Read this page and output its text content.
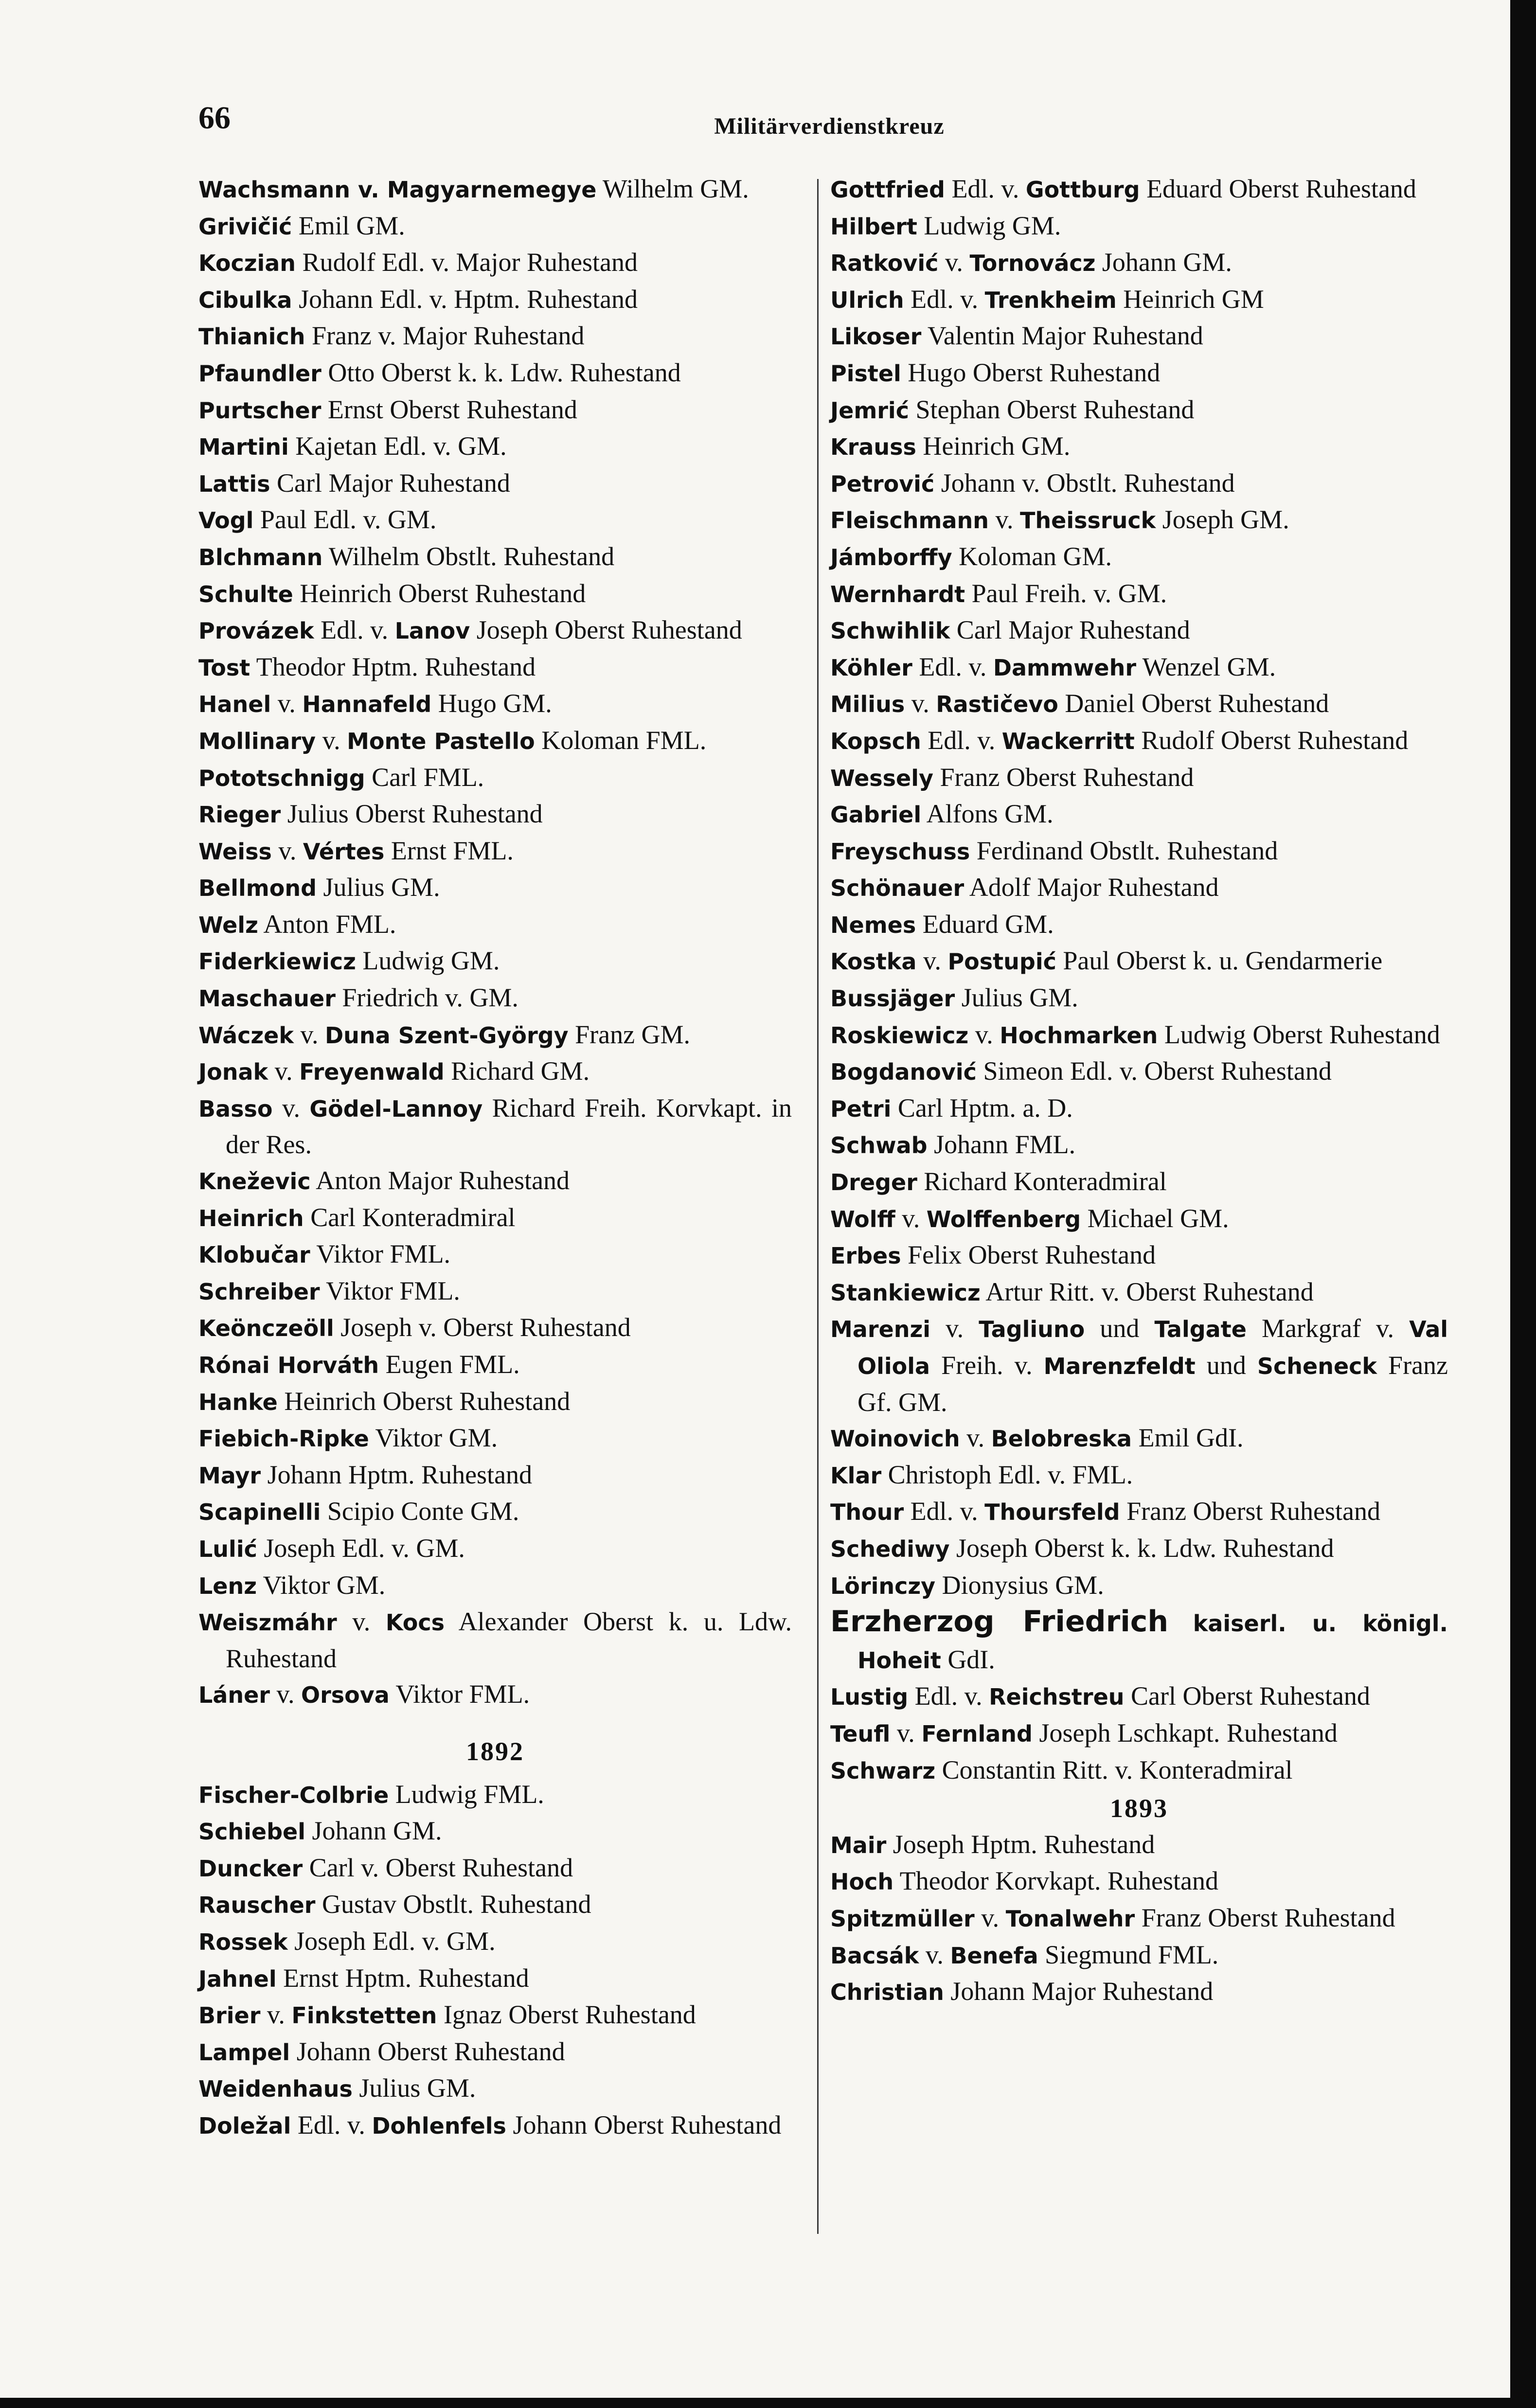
66	Militärverdienstkreuz
Wachsmann v. Magyarnemegye Wilhelm GM.
Grivičić Emil GM.
Koczian Rudolf Edl. v. Major Ruhestand
Cibulka Johann Edl. v. Hptm. Ruhestand
Thianich Franz v. Major Ruhestand
Pfaundler Otto Oberst k. k. Ldw. Ruhestand
Purtscher Ernst Oberst Ruhestand
Martini Kajetan Edl. v. GM.
Lattis Carl Major Ruhestand
Vogl Paul Edl. v. GM.
Blchmann Wilhelm Obstlt. Ruhestand
Schulte Heinrich Oberst Ruhestand
Provázek Edl. v. Lanov Joseph Oberst Ruhestand
Tost Theodor Hptm. Ruhestand
Hanel v. Hannafeld Hugo GM.
Mollinary v. Monte Pastello Koloman FML.
Pototschnigg Carl FML.
Rieger Julius Oberst Ruhestand
Weiss v. Vértes Ernst FML.
Bellmond Julius GM.
Welz Anton FML.
Fiderkiewicz Ludwig GM.
Maschauer Friedrich v. GM.
Wáczek v. Duna Szent-György Franz GM.
Jonak v. Freyenwald Richard GM.
Basso v. Gödel-Lannoy Richard Freih. Korvkapt. in der Res.
Kneževic Anton Major Ruhestand
Heinrich Carl Konteradmiral
Klobučar Viktor FML.
Schreiber Viktor FML.
Keönczeöll Joseph v. Oberst Ruhestand
Rónai Horváth Eugen FML.
Hanke Heinrich Oberst Ruhestand
Fiebich-Ripke Viktor GM.
Mayr Johann Hptm. Ruhestand
Scapinelli Scipio Conte GM.
Lulić Joseph Edl. v. GM.
Lenz Viktor GM.
Weiszmáhr v. Kocs Alexander Oberst k. u. Ldw. Ruhestand
Láner v. Orsova Viktor FML.
1892
Fischer-Colbrie Ludwig FML.
Schiebel Johann GM.
Duncker Carl v. Oberst Ruhestand
Rauscher Gustav Obstlt. Ruhestand
Rossek Joseph Edl. v. GM.
Jahnel Ernst Hptm. Ruhestand
Brier v. Finkstetten Ignaz Oberst Ruhestand
Lampel Johann Oberst Ruhestand
Weidenhaus Julius GM.
Doležal Edl. v. Dohlenfels Johann Oberst Ruhestand
Gottfried Edl. v. Gottburg Eduard Oberst Ruhestand
Hilbert Ludwig GM.
Ratković v. Tornovácz Johann GM.
Ulrich Edl. v. Trenkheim Heinrich GM
Likoser Valentin Major Ruhestand
Pistel Hugo Oberst Ruhestand
Jemrić Stephan Oberst Ruhestand
Krauss Heinrich GM.
Petrović Johann v. Obstlt. Ruhestand
Fleischmann v. Theissruck Joseph GM.
Jámborffy Koloman GM.
Wernhardt Paul Freih. v. GM.
Schwihlik Carl Major Ruhestand
Köhler Edl. v. Dammwehr Wenzel GM.
Milius v. Rastičevo Daniel Oberst Ruhestand
Kopsch Edl. v. Wackerritt Rudolf Oberst Ruhestand
Wessely Franz Oberst Ruhestand
Gabriel Alfons GM.
Freyschuss Ferdinand Obstlt. Ruhestand
Schönauer Adolf Major Ruhestand
Nemes Eduard GM.
Kostka v. Postupić Paul Oberst k. u. Gendarmerie
Bussjäger Julius GM.
Roskiewicz v. Hochmarken Ludwig Oberst Ruhestand
Bogdanović Simeon Edl. v. Oberst Ruhestand
Petri Carl Hptm. a. D.
Schwab Johann FML.
Dreger Richard Konteradmiral
Wolff v. Wolffenberg Michael GM.
Erbes Felix Oberst Ruhestand
Stankiewicz Artur Ritt. v. Oberst Ruhestand
Marenzi v. Tagliuno und Talgate Markgraf v. Val Oliola Freih. v. Marenzfeldt und Scheneck Franz Gf. GM.
Woinovich v. Belobreska Emil GdI.
Klar Christoph Edl. v. FML.
Thour Edl. v. Thoursfeld Franz Oberst Ruhestand
Schediwy Joseph Oberst k. k. Ldw. Ruhestand
Lörinczy Dionysius GM.
Erzherzog Friedrich kaiserl. u. königl. Hoheit GdI.
Lustig Edl. v. Reichstreu Carl Oberst Ruhestand
Teufl v. Fernland Joseph Lschkapt. Ruhestand
Schwarz Constantin Ritt. v. Konteradmiral
1893
Mair Joseph Hptm. Ruhestand
Hoch Theodor Korvkapt. Ruhestand
Spitzmüller v. Tonalwehr Franz Oberst Ruhestand
Bacsák v. Benefa Siegmund FML.
Christian Johann Major Ruhestand
